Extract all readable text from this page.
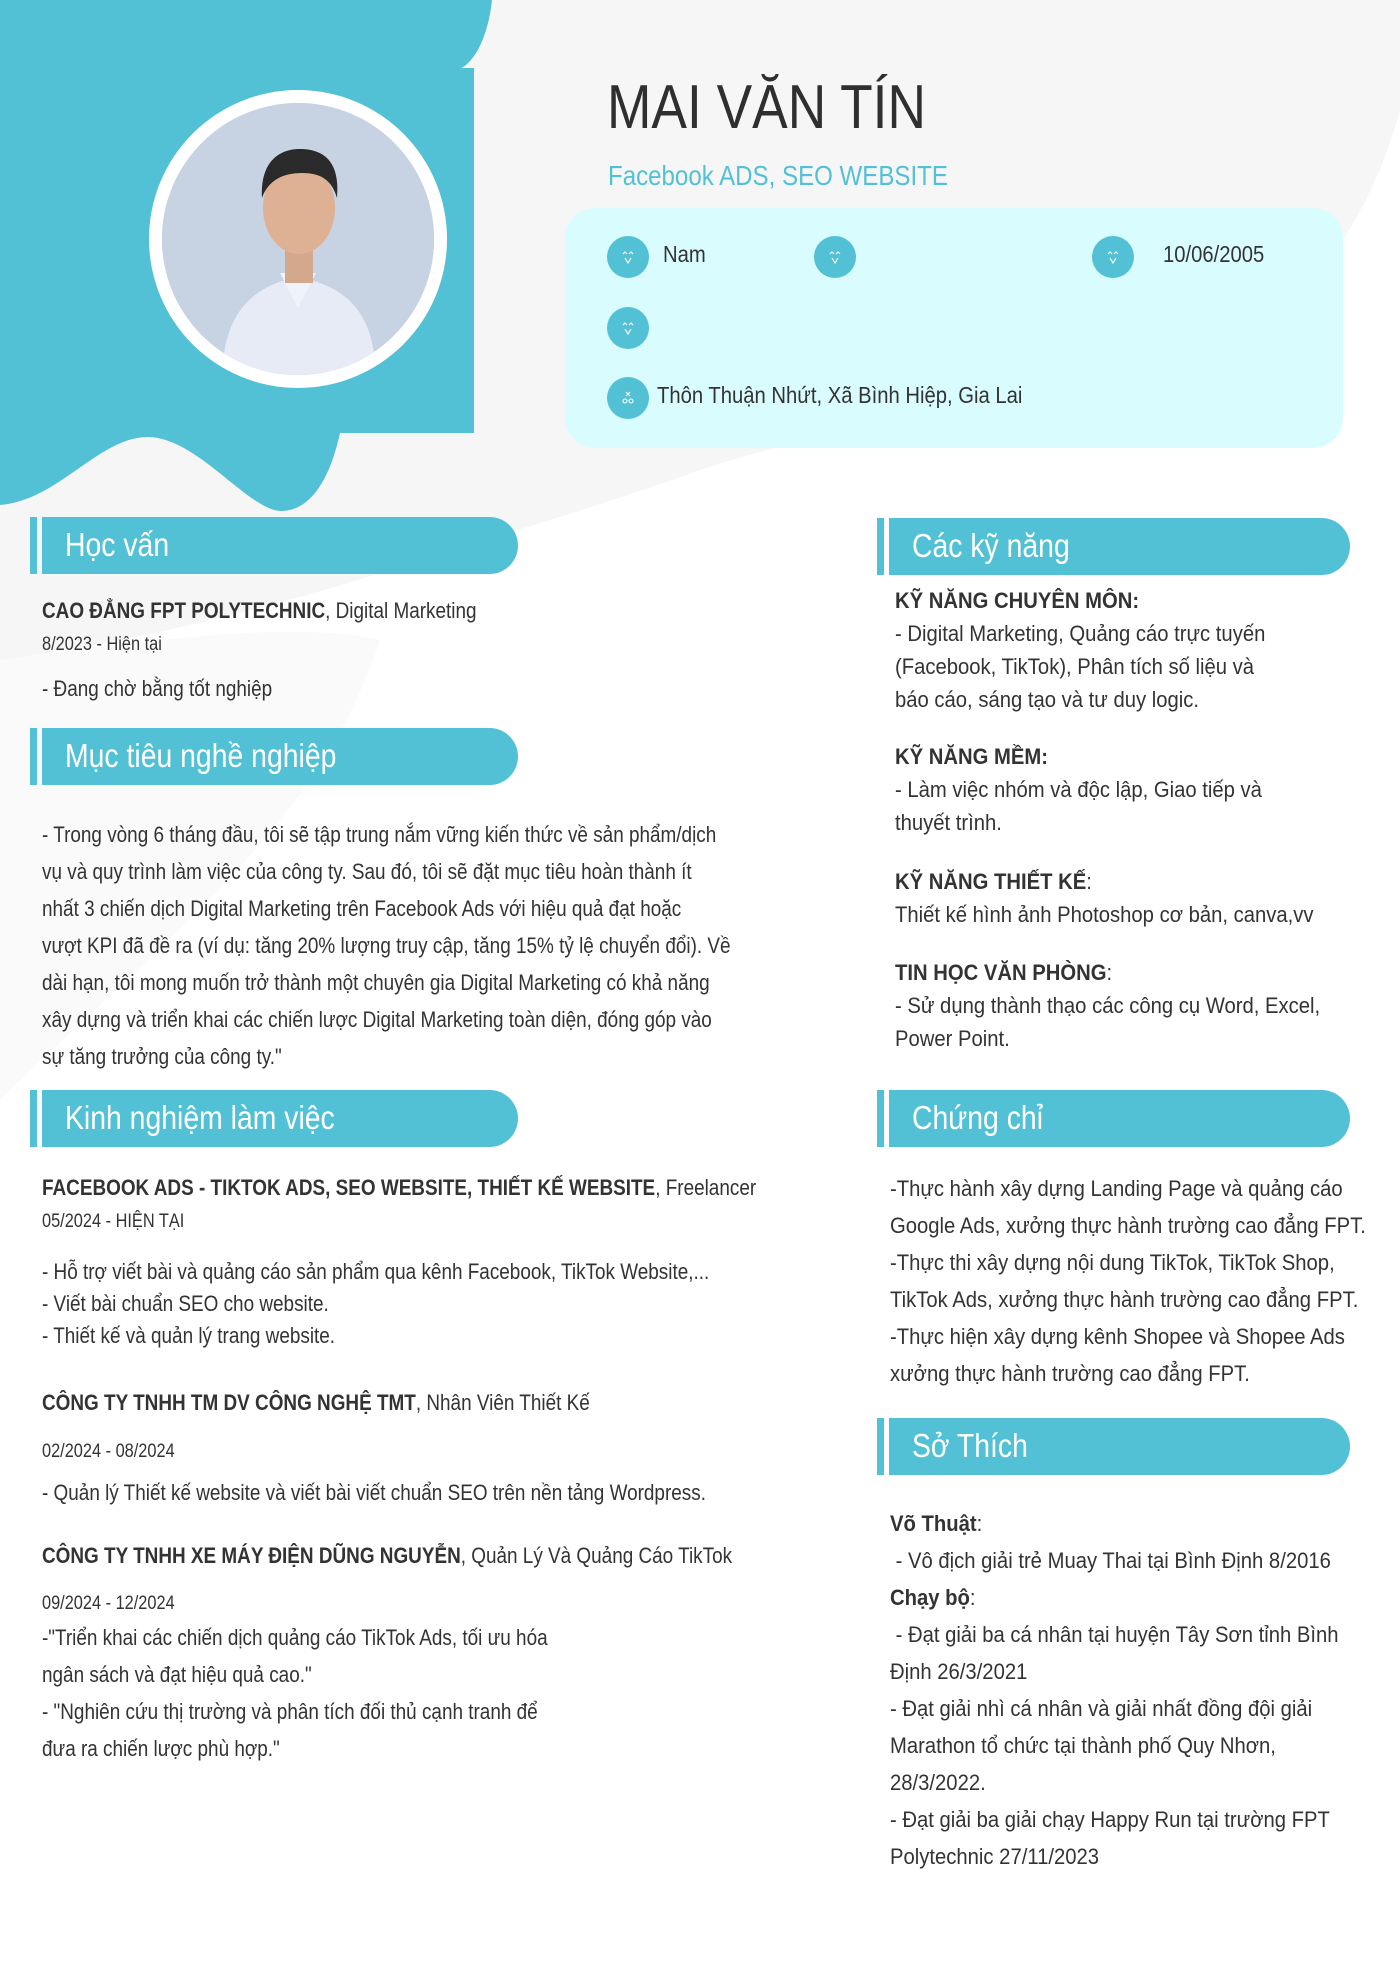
MAI VĂN TÍN
Facebook ADS, SEO WEBSITE
Nam	10/06/2005
Thôn Thuận Nhứt, Xã Bình Hiệp, Gia Lai
Học vấn
CAO ĐẲNG FPT POLYTECHNIC, Digital Marketing
8/2023 - Hiện tại
- Đang chờ bằng tốt nghiệp
Mục tiêu nghề nghiệp
- Trong vòng 6 tháng đầu, tôi sẽ tập trung nắm vững kiến thức về sản phẩm/dịch
vụ và quy trình làm việc của công ty. Sau đó, tôi sẽ đặt mục tiêu hoàn thành ít
nhất 3 chiến dịch Digital Marketing trên Facebook Ads với hiệu quả đạt hoặc
vượt KPI đã đề ra (ví dụ: tăng 20% lượng truy cập, tăng 15% tỷ lệ chuyển đổi). Về
dài hạn, tôi mong muốn trở thành một chuyên gia Digital Marketing có khả năng
xây dựng và triển khai các chiến lược Digital Marketing toàn diện, đóng góp vào
sự tăng trưởng của công ty."
Kinh nghiệm làm việc
FACEBOOK ADS - TIKTOK ADS, SEO WEBSITE, THIẾT KẾ WEBSITE, Freelancer
05/2024 - HIỆN TẠI
- Hỗ trợ viết bài và quảng cáo sản phẩm qua kênh Facebook, TikTok Website,...
- Viết bài chuẩn SEO cho website.
- Thiết kế và quản lý trang website.
CÔNG TY TNHH TM DV CÔNG NGHỆ TMT, Nhân Viên Thiết Kế
02/2024 - 08/2024
- Quản lý Thiết kế website và viết bài viết chuẩn SEO trên nền tảng Wordpress.
CÔNG TY TNHH XE MÁY ĐIỆN DŨNG NGUYỄN, Quản Lý Và Quảng Cáo TikTok
09/2024 - 12/2024
-"Triển khai các chiến dịch quảng cáo TikTok Ads, tối ưu hóa
ngân sách và đạt hiệu quả cao."
- "Nghiên cứu thị trường và phân tích đối thủ cạnh tranh để
đưa ra chiến lược phù hợp."
Các kỹ năng
KỸ NĂNG CHUYÊN MÔN:
- Digital Marketing, Quảng cáo trực tuyến
(Facebook, TikTok), Phân tích số liệu và
báo cáo, sáng tạo và tư duy logic.
KỸ NĂNG MỀM:
- Làm việc nhóm và độc lập, Giao tiếp và
thuyết trình.
KỸ NĂNG THIẾT KẾ:
Thiết kế hình ảnh Photoshop cơ bản, canva,vv
TIN HỌC VĂN PHÒNG:
- Sử dụng thành thạo các công cụ Word, Excel,
Power Point.
Chứng chỉ
-Thực hành xây dựng Landing Page và quảng cáo
Google Ads, xưởng thực hành trường cao đẳng FPT.
-Thực thi xây dựng nội dung TikTok, TikTok Shop,
TikTok Ads, xưởng thực hành trường cao đẳng FPT.
-Thực hiện xây dựng kênh Shopee và Shopee Ads
xưởng thực hành trường cao đẳng FPT.
Sở Thích
Võ Thuật:
- Vô địch giải trẻ Muay Thai tại Bình Định 8/2016
Chạy bộ:
- Đạt giải ba cá nhân tại huyện Tây Sơn tỉnh Bình
Định 26/3/2021
- Đạt giải nhì cá nhân và giải nhất đồng đội giải
Marathon tổ chức tại thành phố Quy Nhơn,
28/3/2022.
- Đạt giải ba giải chạy Happy Run tại trường FPT
Polytechnic 27/11/2023
